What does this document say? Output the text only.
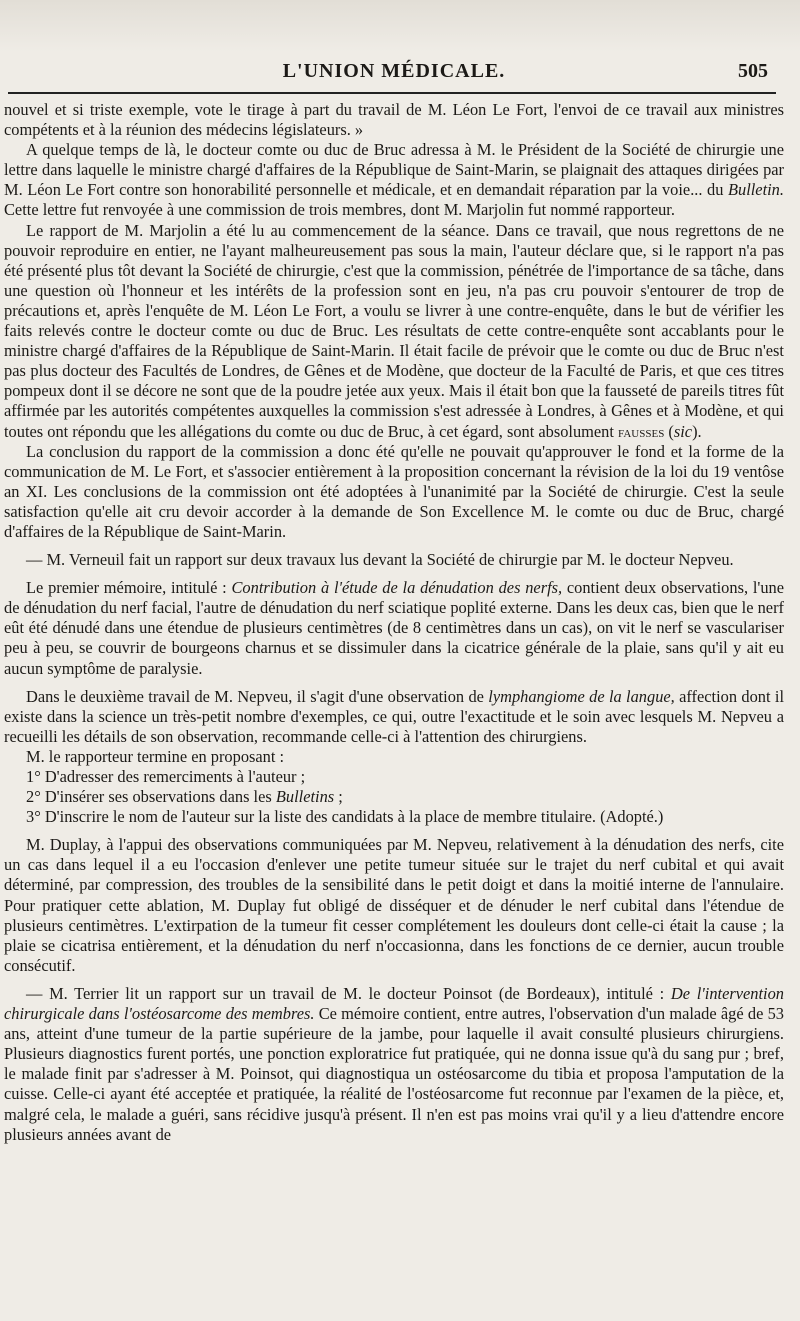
L'UNION MÉDICALE.	505

nouvel et si triste exemple, vote le tirage à part du travail de M. Léon Le Fort, l'envoi de ce travail aux ministres compétents et à la réunion des médecins législateurs. »

A quelque temps de là, le docteur comte ou duc de Bruc adressa à M. le Président de la Société de chirurgie une lettre dans laquelle le ministre chargé d'affaires de la République de Saint-Marin, se plaignait des attaques dirigées par M. Léon Le Fort contre son honorabilité personnelle et médicale, et en demandait réparation par la voie... du Bulletin. Cette lettre fut renvoyée à une commission de trois membres, dont M. Marjolin fut nommé rapporteur.

Le rapport de M. Marjolin a été lu au commencement de la séance. Dans ce travail, que nous regrettons de ne pouvoir reproduire en entier, ne l'ayant malheureusement pas sous la main, l'auteur déclare que, si le rapport n'a pas été présenté plus tôt devant la Société de chirurgie, c'est que la commission, pénétrée de l'importance de sa tâche, dans une question où l'honneur et les intérêts de la profession sont en jeu, n'a pas cru pouvoir s'entourer de trop de précautions et, après l'enquête de M. Léon Le Fort, a voulu se livrer à une contre-enquête, dans le but de vérifier les faits relevés contre le docteur comte ou duc de Bruc. Les résultats de cette contre-enquête sont accablants pour le ministre chargé d'affaires de la République de Saint-Marin. Il était facile de prévoir que le comte ou duc de Bruc n'est pas plus docteur des Facultés de Londres, de Gênes et de Modène, que docteur de la Faculté de Paris, et que ces titres pompeux dont il se décore ne sont que de la poudre jetée aux yeux. Mais il était bon que la fausseté de pareils titres fût affirmée par les autorités compétentes auxquelles la commission s'est adressée à Londres, à Gênes et à Modène, et qui toutes ont répondu que les allégations du comte ou duc de Bruc, à cet égard, sont absolument fausses (sic).

La conclusion du rapport de la commission a donc été qu'elle ne pouvait qu'approuver le fond et la forme de la communication de M. Le Fort, et s'associer entièrement à la proposition concernant la révision de la loi du 19 ventôse an XI. Les conclusions de la commission ont été adoptées à l'unanimité par la Société de chirurgie. C'est la seule satisfaction qu'elle ait cru devoir accorder à la demande de Son Excellence M. le comte ou duc de Bruc, chargé d'affaires de la République de Saint-Marin.

— M. Verneuil fait un rapport sur deux travaux lus devant la Société de chirurgie par M. le docteur Nepveu.

Le premier mémoire, intitulé : Contribution à l'étude de la dénudation des nerfs, contient deux observations, l'une de dénudation du nerf facial, l'autre de dénudation du nerf sciatique poplité externe. Dans les deux cas, bien que le nerf eût été dénudé dans une étendue de plusieurs centimètres (de 8 centimètres dans un cas), on vit le nerf se vasculariser peu à peu, se couvrir de bourgeons charnus et se dissimuler dans la cicatrice générale de la plaie, sans qu'il y ait eu aucun symptôme de paralysie.

Dans le deuxième travail de M. Nepveu, il s'agit d'une observation de lymphangiome de la langue, affection dont il existe dans la science un très-petit nombre d'exemples, ce qui, outre l'exactitude et le soin avec lesquels M. Nepveu a recueilli les détails de son observation, recommande celle-ci à l'attention des chirurgiens.

M. le rapporteur termine en proposant :

1° D'adresser des remerciments à l'auteur ;

2° D'insérer ses observations dans les Bulletins ;

3° D'inscrire le nom de l'auteur sur la liste des candidats à la place de membre titulaire. (Adopté.)

M. Duplay, à l'appui des observations communiquées par M. Nepveu, relativement à la dénudation des nerfs, cite un cas dans lequel il a eu l'occasion d'enlever une petite tumeur située sur le trajet du nerf cubital et qui avait déterminé, par compression, des troubles de la sensibilité dans le petit doigt et dans la moitié interne de l'annulaire. Pour pratiquer cette ablation, M. Duplay fut obligé de disséquer et de dénuder le nerf cubital dans l'étendue de plusieurs centimètres. L'extirpation de la tumeur fit cesser complétement les douleurs dont celle-ci était la cause ; la plaie se cicatrisa entièrement, et la dénudation du nerf n'occasionna, dans les fonctions de ce dernier, aucun trouble consécutif.

— M. Terrier lit un rapport sur un travail de M. le docteur Poinsot (de Bordeaux), intitulé : De l'intervention chirurgicale dans l'ostéosarcome des membres. Ce mémoire contient, entre autres, l'observation d'un malade âgé de 53 ans, atteint d'une tumeur de la partie supérieure de la jambe, pour laquelle il avait consulté plusieurs chirurgiens. Plusieurs diagnostics furent portés, une ponction exploratrice fut pratiquée, qui ne donna issue qu'à du sang pur ; bref, le malade finit par s'adresser à M. Poinsot, qui diagnostiqua un ostéosarcome du tibia et proposa l'amputation de la cuisse. Celle-ci ayant été acceptée et pratiquée, la réalité de l'ostéosarcome fut reconnue par l'examen de la pièce, et, malgré cela, le malade a guéri, sans récidive jusqu'à présent. Il n'en est pas moins vrai qu'il y a lieu d'attendre encore plusieurs années avant de
